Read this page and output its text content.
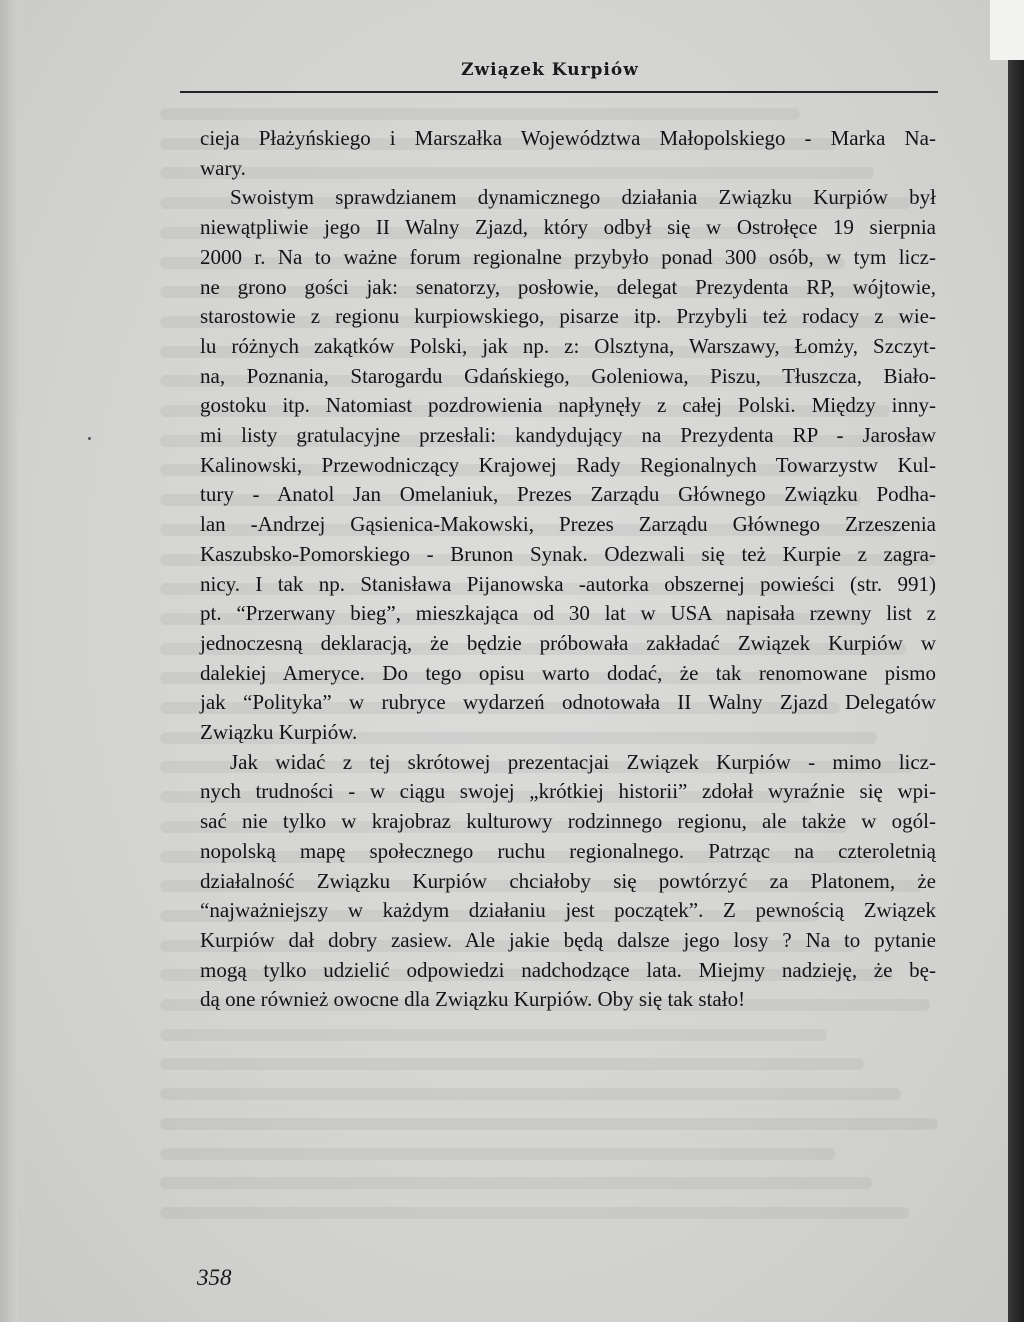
Związek Kurpiów

cieja Płażyńskiego i Marszałka Województwa Małopolskiego - Marka Na-
wary.

Swoistym sprawdzianem dynamicznego działania Związku Kurpiów był
niewątpliwie jego II Walny Zjazd, który odbył się w Ostrołęce 19 sierpnia
2000 r. Na to ważne forum regionalne przybyło ponad 300 osób, w tym licz-
ne grono gości jak: senatorzy, posłowie, delegat Prezydenta RP, wójtowie,
starostowie z regionu kurpiowskiego, pisarze itp. Przybyli też rodacy z wie-
lu różnych zakątków Polski, jak np. z: Olsztyna, Warszawy, Łomży, Szczyt-
na, Poznania, Starogardu Gdańskiego, Goleniowa, Piszu, Tłuszcza, Biało-
gostoku itp. Natomiast pozdrowienia napłynęły z całej Polski. Między inny-
mi listy gratulacyjne przesłali: kandydujący na Prezydenta RP - Jarosław
Kalinowski, Przewodniczący Krajowej Rady Regionalnych Towarzystw Kul-
tury - Anatol Jan Omelaniuk, Prezes Zarządu Głównego Związku Podha-
lan -Andrzej Gąsienica-Makowski, Prezes Zarządu Głównego Zrzeszenia
Kaszubsko-Pomorskiego - Brunon Synak. Odezwali się też Kurpie z zagra-
nicy. I tak np. Stanisława Pijanowska -autorka obszernej powieści (str. 991)
pt. “Przerwany bieg”, mieszkająca od 30 lat w USA napisała rzewny list z
jednoczesną deklaracją, że będzie próbowała zakładać Związek Kurpiów w
dalekiej Ameryce. Do tego opisu warto dodać, że tak renomowane pismo
jak “Polityka” w rubryce wydarzeń odnotowała II Walny Zjazd Delegatów
Związku Kurpiów.

Jak widać z tej skrótowej prezentacjai Związek Kurpiów - mimo licz-
nych trudności - w ciągu swojej „krótkiej historii” zdołał wyraźnie się wpi-
sać nie tylko w krajobraz kulturowy rodzinnego regionu, ale także w ogól-
nopolską mapę społecznego ruchu regionalnego. Patrząc na czteroletnią
działalność Związku Kurpiów chciałoby się powtórzyć za Platonem, że
“najważniejszy w każdym działaniu jest początek”. Z pewnością Związek
Kurpiów dał dobry zasiew. Ale jakie będą dalsze jego losy ? Na to pytanie
mogą tylko udzielić odpowiedzi nadchodzące lata. Miejmy nadzieję, że bę-
dą one również owocne dla Związku Kurpiów. Oby się tak stało!

358
